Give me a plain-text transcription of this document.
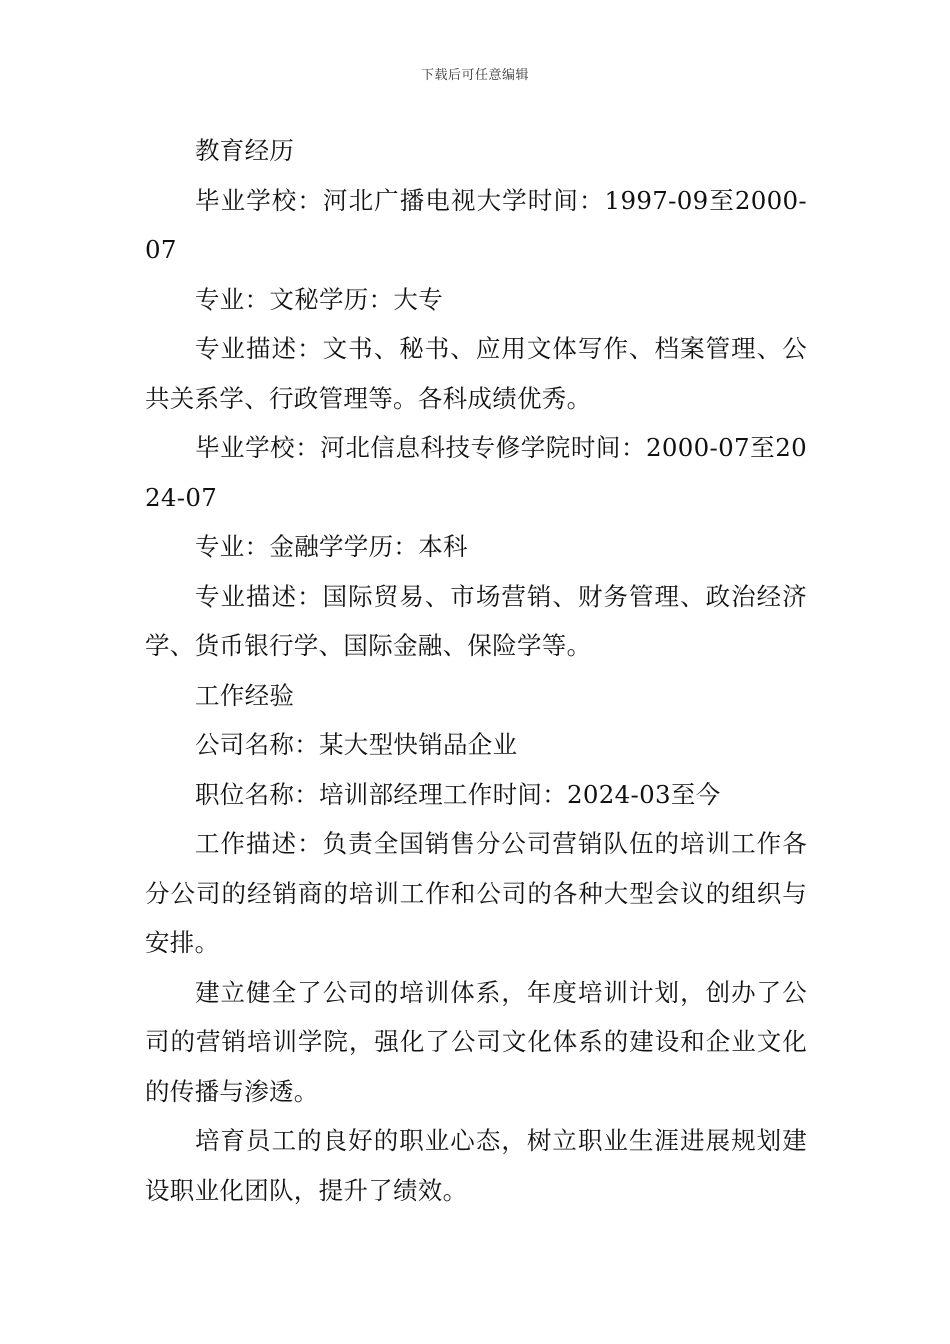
下载后可任意编辑

教育经历

毕业学校：河北广播电视大学时间：1997-09至2000-07

专业：文秘学历：大专

专业描述：文书、秘书、应用文体写作、档案管理、公共关系学、行政管理等。各科成绩优秀。

毕业学校：河北信息科技专修学院时间：2000-07至2024-07

专业：金融学学历：本科

专业描述：国际贸易、市场营销、财务管理、政治经济学、货币银行学、国际金融、保险学等。

工作经验

公司名称：某大型快销品企业

职位名称：培训部经理工作时间：2024-03至今

工作描述：负责全国销售分公司营销队伍的培训工作各分公司的经销商的培训工作和公司的各种大型会议的组织与安排。

建立健全了公司的培训体系，年度培训计划，创办了公司的营销培训学院，强化了公司文化体系的建设和企业文化的传播与渗透。

培育员工的良好的职业心态，树立职业生涯进展规划建设职业化团队，提升了绩效。
